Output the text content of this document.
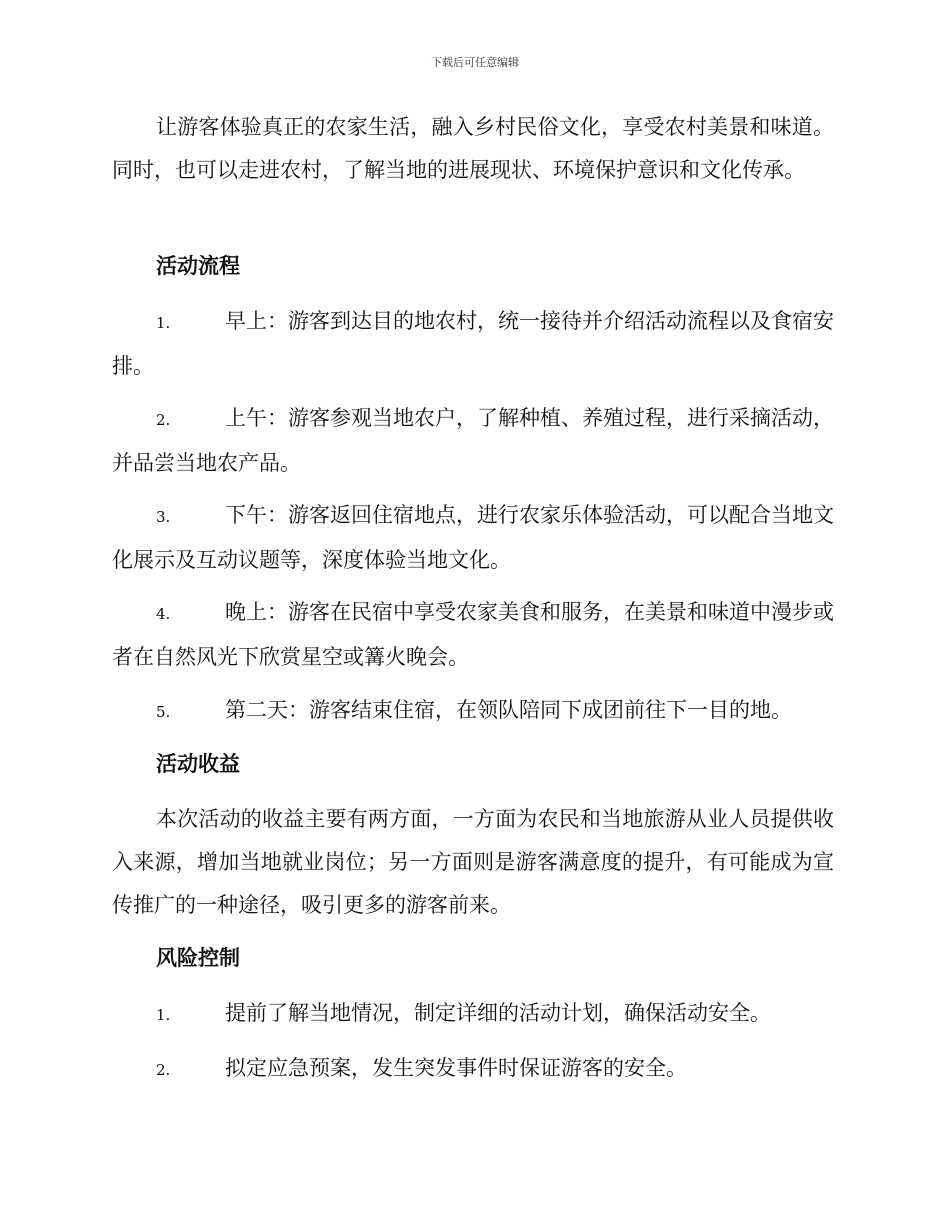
下载后可任意编辑
让游客体验真正的农家生活，融入乡村民俗文化，享受农村美景和味道。同时，也可以走进农村，了解当地的进展现状、环境保护意识和文化传承。
活动流程
1.	早上：游客到达目的地农村，统一接待并介绍活动流程以及食宿安排。
2.	上午：游客参观当地农户，了解种植、养殖过程，进行采摘活动，并品尝当地农产品。
3.	下午：游客返回住宿地点，进行农家乐体验活动，可以配合当地文化展示及互动议题等，深度体验当地文化。
4.	晚上：游客在民宿中享受农家美食和服务，在美景和味道中漫步或者在自然风光下欣赏星空或篝火晚会。
5.	第二天：游客结束住宿，在领队陪同下成团前往下一目的地。
活动收益
本次活动的收益主要有两方面，一方面为农民和当地旅游从业人员提供收入来源，增加当地就业岗位；另一方面则是游客满意度的提升，有可能成为宣传推广的一种途径，吸引更多的游客前来。
风险控制
1.	提前了解当地情况，制定详细的活动计划，确保活动安全。
2.	拟定应急预案，发生突发事件时保证游客的安全。
